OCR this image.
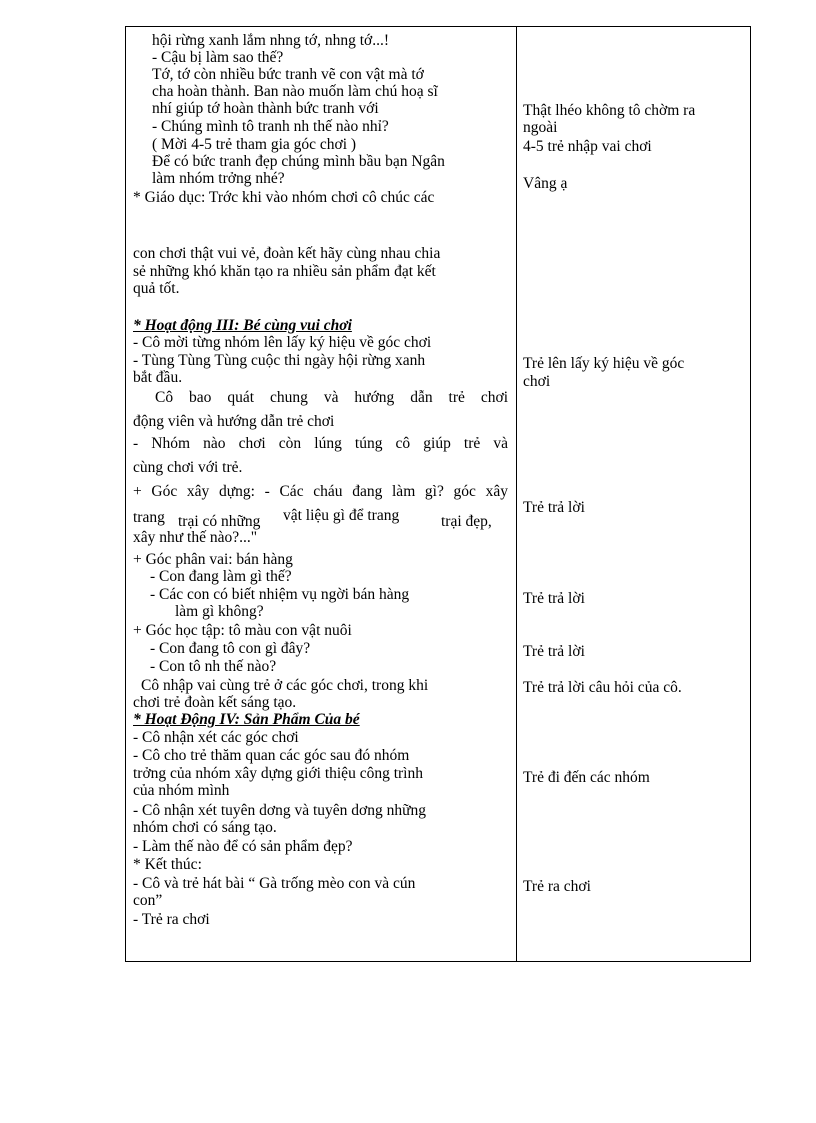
hội rừng xanh lắm nhng tớ, nhng tớ...!
- Cậu bị làm sao thế?
Tớ, tớ còn nhiều bức tranh vẽ con vật mà tớ
cha hoàn thành. Ban nào muốn làm chú hoạ sĩ
nhí giúp tớ hoàn thành bức tranh với
- Chúng mình tô tranh nh thế nào nhỉ?
( Mời 4-5 trẻ tham gia góc chơi )
Để có bức tranh đẹp chúng mình bầu bạn Ngân
làm nhóm trởng nhé?
* Giáo dục: Trớc khi vào nhóm chơi cô chúc các
con chơi thật vui vẻ, đoàn kết hãy cùng nhau chia
sẻ những khó khăn tạo ra nhiều sản phẩm đạt kết
quả tốt.
* Hoạt động III: Bé cùng vui chơi
- Cô mời từng nhóm lên lấy ký hiệu về góc chơi
- Tùng Tùng Tùng cuộc thi ngày hội rừng xanh
bắt đầu.
Cô bao quát chung và hướng dẫn trẻ chơi
động viên và hướng dẫn trẻ chơi
- Nhóm nào chơi còn lúng túng cô giúp trẻ và
cùng chơi với trẻ.
+ Góc xây dựng: - Các cháu đang làm gì? góc xây
trang trại có những vật liệu gì để trang	trại đẹp,
xây như thế nào?..."
+ Góc phân vai: bán hàng
- Con đang làm gì thế?
- Các con có biết nhiệm vụ ngời bán hàng
làm gì không?
+ Góc học tập: tô màu con vật nuôi
- Con đang tô con gì đây?
- Con tô nh thế nào?
Cô nhập vai cùng trẻ ở các góc chơi, trong khi
chơi trẻ đoàn kết sáng tạo.
* Hoạt Động IV: Sản Phẩm Của bé
- Cô nhận xét các góc chơi
- Cô cho trẻ thăm quan các góc sau đó nhóm
trởng của nhóm xây dựng giới thiệu công trình
của nhóm mình
- Cô nhận xét tuyên dơng và tuyên dơng những
nhóm chơi có sáng tạo.
- Làm thế nào để có sản phẩm đẹp?
* Kết thúc:
- Cô và trẻ hát bài “ Gà trống mèo con và cún
con”
- Trẻ ra chơi
Thật lhéo không tô chờm ra
ngoài
4-5 trẻ nhập vai chơi
Vâng ạ
Trẻ lên lấy ký hiệu về góc
chơi
Trẻ trả lời
Trẻ trả lời
Trẻ trả lời
Trẻ trả lời câu hỏi của cô.
Trẻ đi đến các nhóm
Trẻ ra chơi
